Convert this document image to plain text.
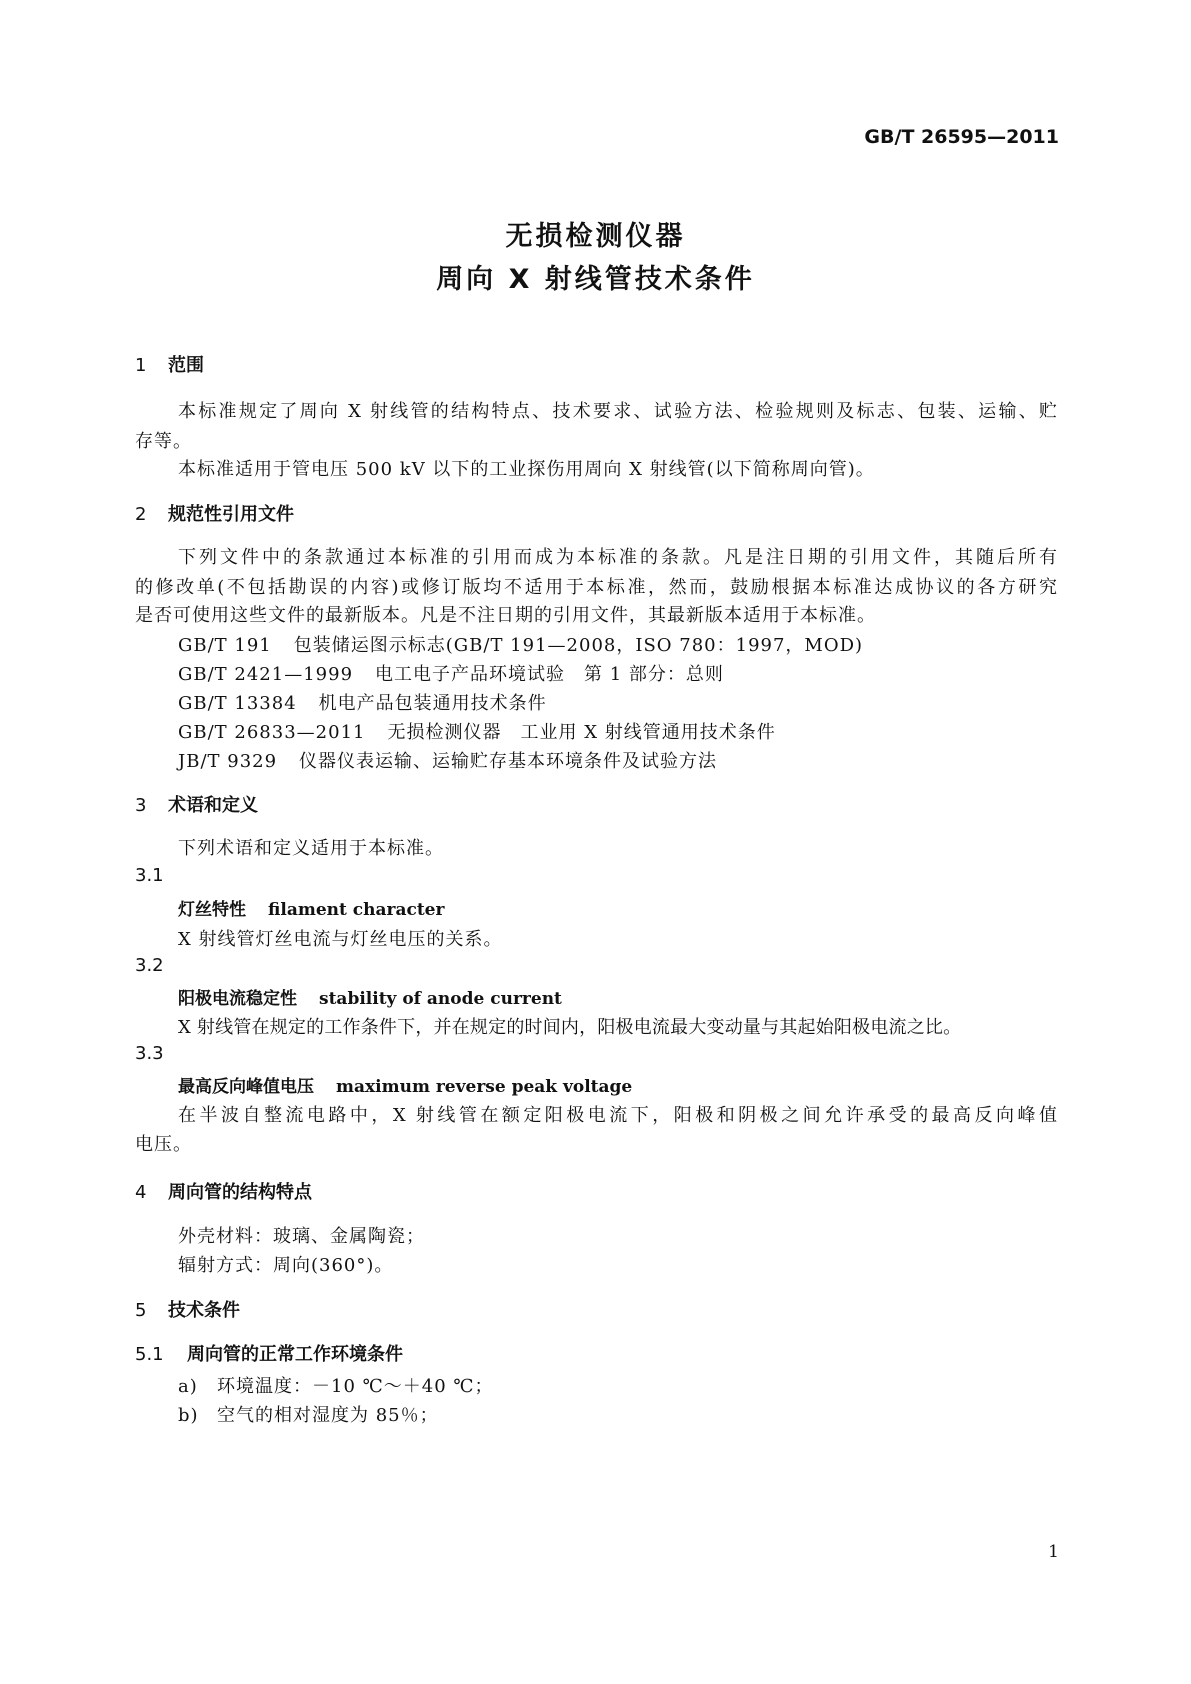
GB/T 26595—2011
无损检测仪器
周向 X 射线管技术条件
1 范围
本标准规定了周向 X 射线管的结构特点、技术要求、试验方法、检验规则及标志、包装、运输、贮
存等。
本标准适用于管电压 500 kV 以下的工业探伤用周向 X 射线管(以下简称周向管)。
2 规范性引用文件
下列文件中的条款通过本标准的引用而成为本标准的条款。凡是注日期的引用文件，其随后所有
的修改单(不包括勘误的内容)或修订版均不适用于本标准，然而，鼓励根据本标准达成协议的各方研究
是否可使用这些文件的最新版本。凡是不注日期的引用文件，其最新版本适用于本标准。
GB/T 191 包装储运图示标志(GB/T 191—2008，ISO 780：1997，MOD)
GB/T 2421—1999 电工电子产品环境试验　第 1 部分：总则
GB/T 13384 机电产品包装通用技术条件
GB/T 26833—2011 无损检测仪器　工业用 X 射线管通用技术条件
JB/T 9329 仪器仪表运输、运输贮存基本环境条件及试验方法
3 术语和定义
下列术语和定义适用于本标准。
3.1
灯丝特性 filament character
X 射线管灯丝电流与灯丝电压的关系。
3.2
阳极电流稳定性 stability of anode current
X 射线管在规定的工作条件下，并在规定的时间内，阳极电流最大变动量与其起始阳极电流之比。
3.3
最高反向峰值电压 maximum reverse peak voltage
在半波自整流电路中，X 射线管在额定阳极电流下，阳极和阴极之间允许承受的最高反向峰值
电压。
4 周向管的结构特点
外壳材料：玻璃、金属陶瓷；
辐射方式：周向(360°)。
5 技术条件
5.1 周向管的正常工作环境条件
a) 环境温度：－10 ℃～＋40 ℃；
b) 空气的相对湿度为 85％；
1
